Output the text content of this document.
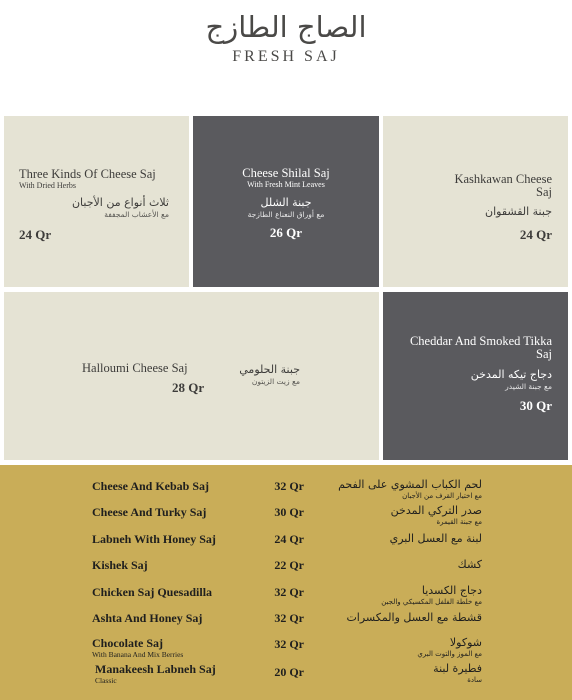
الصاج الطازج
FRESH SAJ
Three Kinds Of Cheese Saj
With Dried Herbs
ثلاث أنواع من الأجبان
مع الأعشاب المجففة
24 Qr
Cheese Shilal Saj
With Fresh Mint Leaves
جبنة الشلل
مع أوراق النعناع الطازجة
26 Qr
Kashkawan Cheese
Saj
جبنة القشقوان
24 Qr
Halloumi Cheese Saj
28 Qr
جبنة الحلومي
مع زيت الزيتون
Cheddar And Smoked Tikka
Saj
دجاج تيكه المدخن
مع جبنة الشيدر
30 Qr
Cheese And Kebab Saj	32 Qr	لحم الكباب المشوي على الفحم
مع اختيار القرف من الأجبان
Cheese And Turky Saj	30 Qr	صدر التركي المدخن
مع جبنة القيمرة
Labneh With Honey Saj	24 Qr	لبنة مع العسل البري
Kishek Saj	22 Qr	كشك
Chicken Saj Quesadilla	32 Qr	دجاج الكسديا
مع خلطة الفلفل المكسيكي والجبن
Ashta And Honey Saj	32 Qr	قشطة مع العسل والمكسرات
Chocolate Saj
With Banana And Mix Berries
32 Qr	شوكولا
مع الموز والتوت البري
Manakeesh Labneh Saj
Classic
20 Qr	فطيرة لبنة
سادة
